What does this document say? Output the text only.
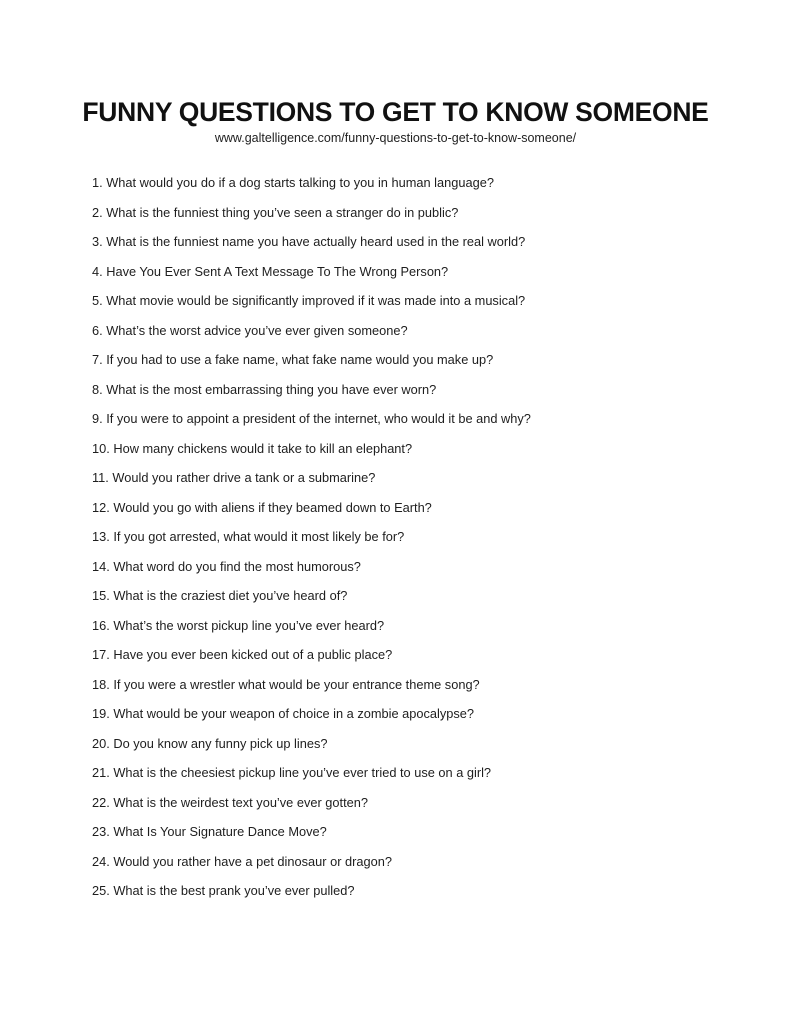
FUNNY QUESTIONS TO GET TO KNOW SOMEONE
www.galtelligence.com/funny-questions-to-get-to-know-someone/
1. What would you do if a dog starts talking to you in human language?
2. What is the funniest thing you’ve seen a stranger do in public?
3. What is the funniest name you have actually heard used in the real world?
4. Have You Ever Sent A Text Message To The Wrong Person?
5. What movie would be significantly improved if it was made into a musical?
6. What’s the worst advice you’ve ever given someone?
7. If you had to use a fake name, what fake name would you make up?
8. What is the most embarrassing thing you have ever worn?
9. If you were to appoint a president of the internet, who would it be and why?
10. How many chickens would it take to kill an elephant?
11. Would you rather drive a tank or a submarine?
12. Would you go with aliens if they beamed down to Earth?
13. If you got arrested, what would it most likely be for?
14. What word do you find the most humorous?
15. What is the craziest diet you’ve heard of?
16. What’s the worst pickup line you’ve ever heard?
17. Have you ever been kicked out of a public place?
18. If you were a wrestler what would be your entrance theme song?
19. What would be your weapon of choice in a zombie apocalypse?
20. Do you know any funny pick up lines?
21. What is the cheesiest pickup line you’ve ever tried to use on a girl?
22. What is the weirdest text you’ve ever gotten?
23. What Is Your Signature Dance Move?
24. Would you rather have a pet dinosaur or dragon?
25. What is the best prank you’ve ever pulled?
